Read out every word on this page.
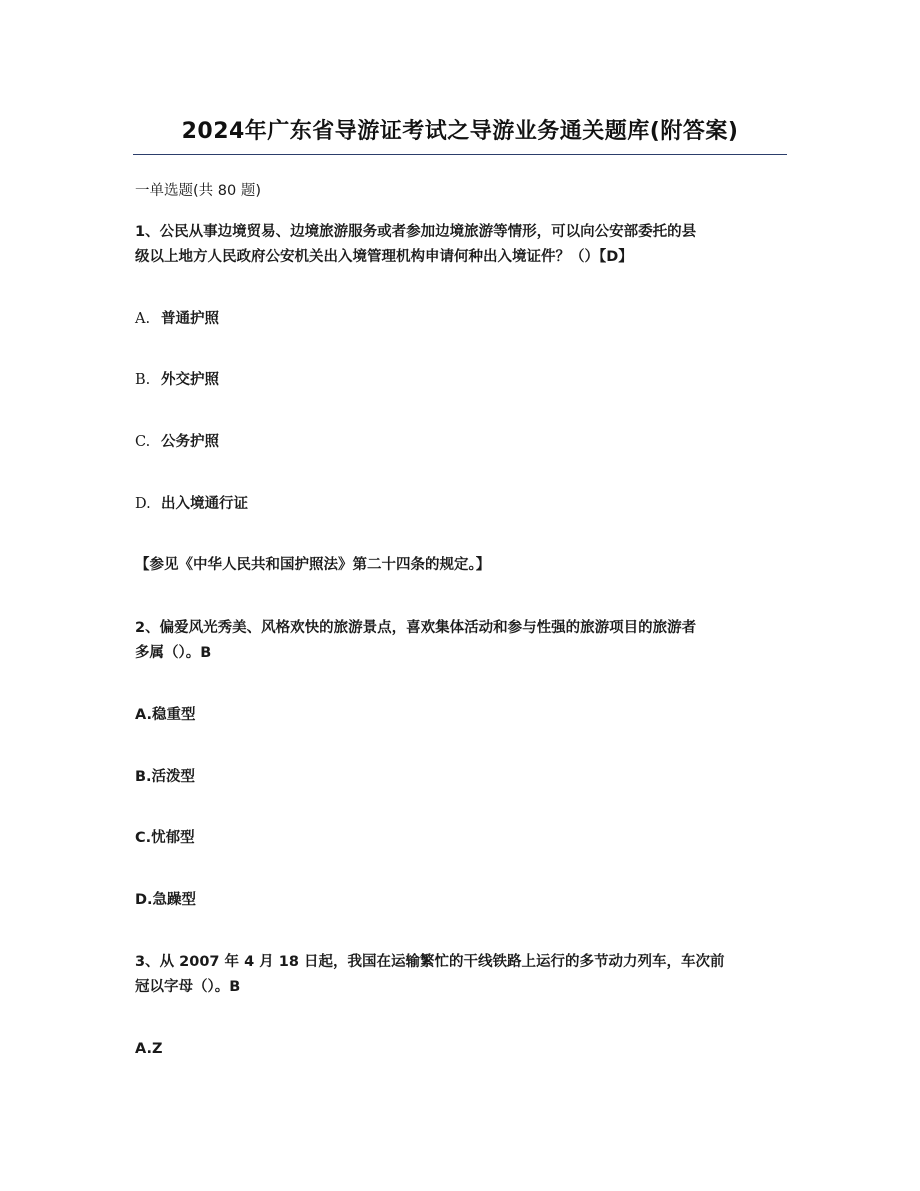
2024年广东省导游证考试之导游业务通关题库(附答案)
一单选题(共 80 题)
1、公民从事边境贸易、边境旅游服务或者参加边境旅游等情形，可以向公安部委托的县
级以上地方人民政府公安机关出入境管理机构申请何种出入境证件？（）【D】
A. 普通护照
B. 外交护照
C. 公务护照
D. 出入境通行证
【参见《中华人民共和国护照法》第二十四条的规定。】
2、偏爱风光秀美、风格欢快的旅游景点，喜欢集体活动和参与性强的旅游项目的旅游者
多属（）。B
A.稳重型
B.活泼型
C.忧郁型
D.急躁型
3、从 2007 年 4 月 18 日起，我国在运输繁忙的干线铁路上运行的多节动力列车，车次前
冠以字母（）。B
A.Z
